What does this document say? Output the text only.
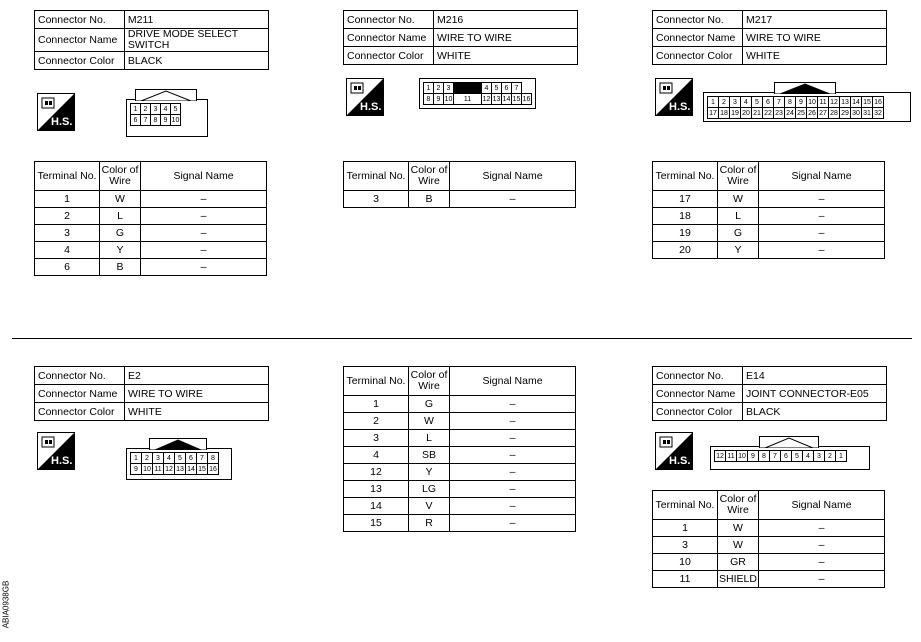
Connector No.	M211
Connector Name	DRIVE MODE SELECT SWITCH
Connector Color	BLACK
H.S.
1	2	3	4	5
6	7	8	9	10
Terminal No.	Color of Wire	Signal Name
1	W	–
2	L	–
3	G	–
4	Y	–
6	B	–
Connector No.	M216
Connector Name	WIRE TO WIRE
Connector Color	WHITE
H.S.
1	2	3		4	5	6	7	
8	9	10	11	12	13	14	15	16
Terminal No.	Color of Wire	Signal Name
3	B	–
Connector No.	M217
Connector Name	WIRE TO WIRE
Connector Color	WHITE
H.S.	1	2	3	4	5	6	7	8	9	10	11	12	13	14	15	16
17	18	19	20	21	22	23	24	25	26	27	28	29	30	31	32
Terminal No.	Color of Wire	Signal Name
17	W	–
18	L	–
19	G	–
20	Y	–
Connector No.	E2
Connector Name	WIRE TO WIRE
Connector Color	WHITE
H.S.	1	2	3	4	5	6	7	8
9	10	11	12	13	14	15	16
Terminal No.	Color of Wire	Signal Name
1	G	–
2	W	–
3	L	–
4	SB	–
12	Y	–
13	LG	–
14	V	–
15	R	–
Connector No.	E14
Connector Name	JOINT CONNECTOR-E05
Connector Color	BLACK
H.S.	12	11	10	9	8	7	6	5	4	3	2	1
Terminal No.	Color of Wire	Signal Name
1	W	–
3	W	–
10	GR	–
11	SHIELD	–
ABIA0938GB
